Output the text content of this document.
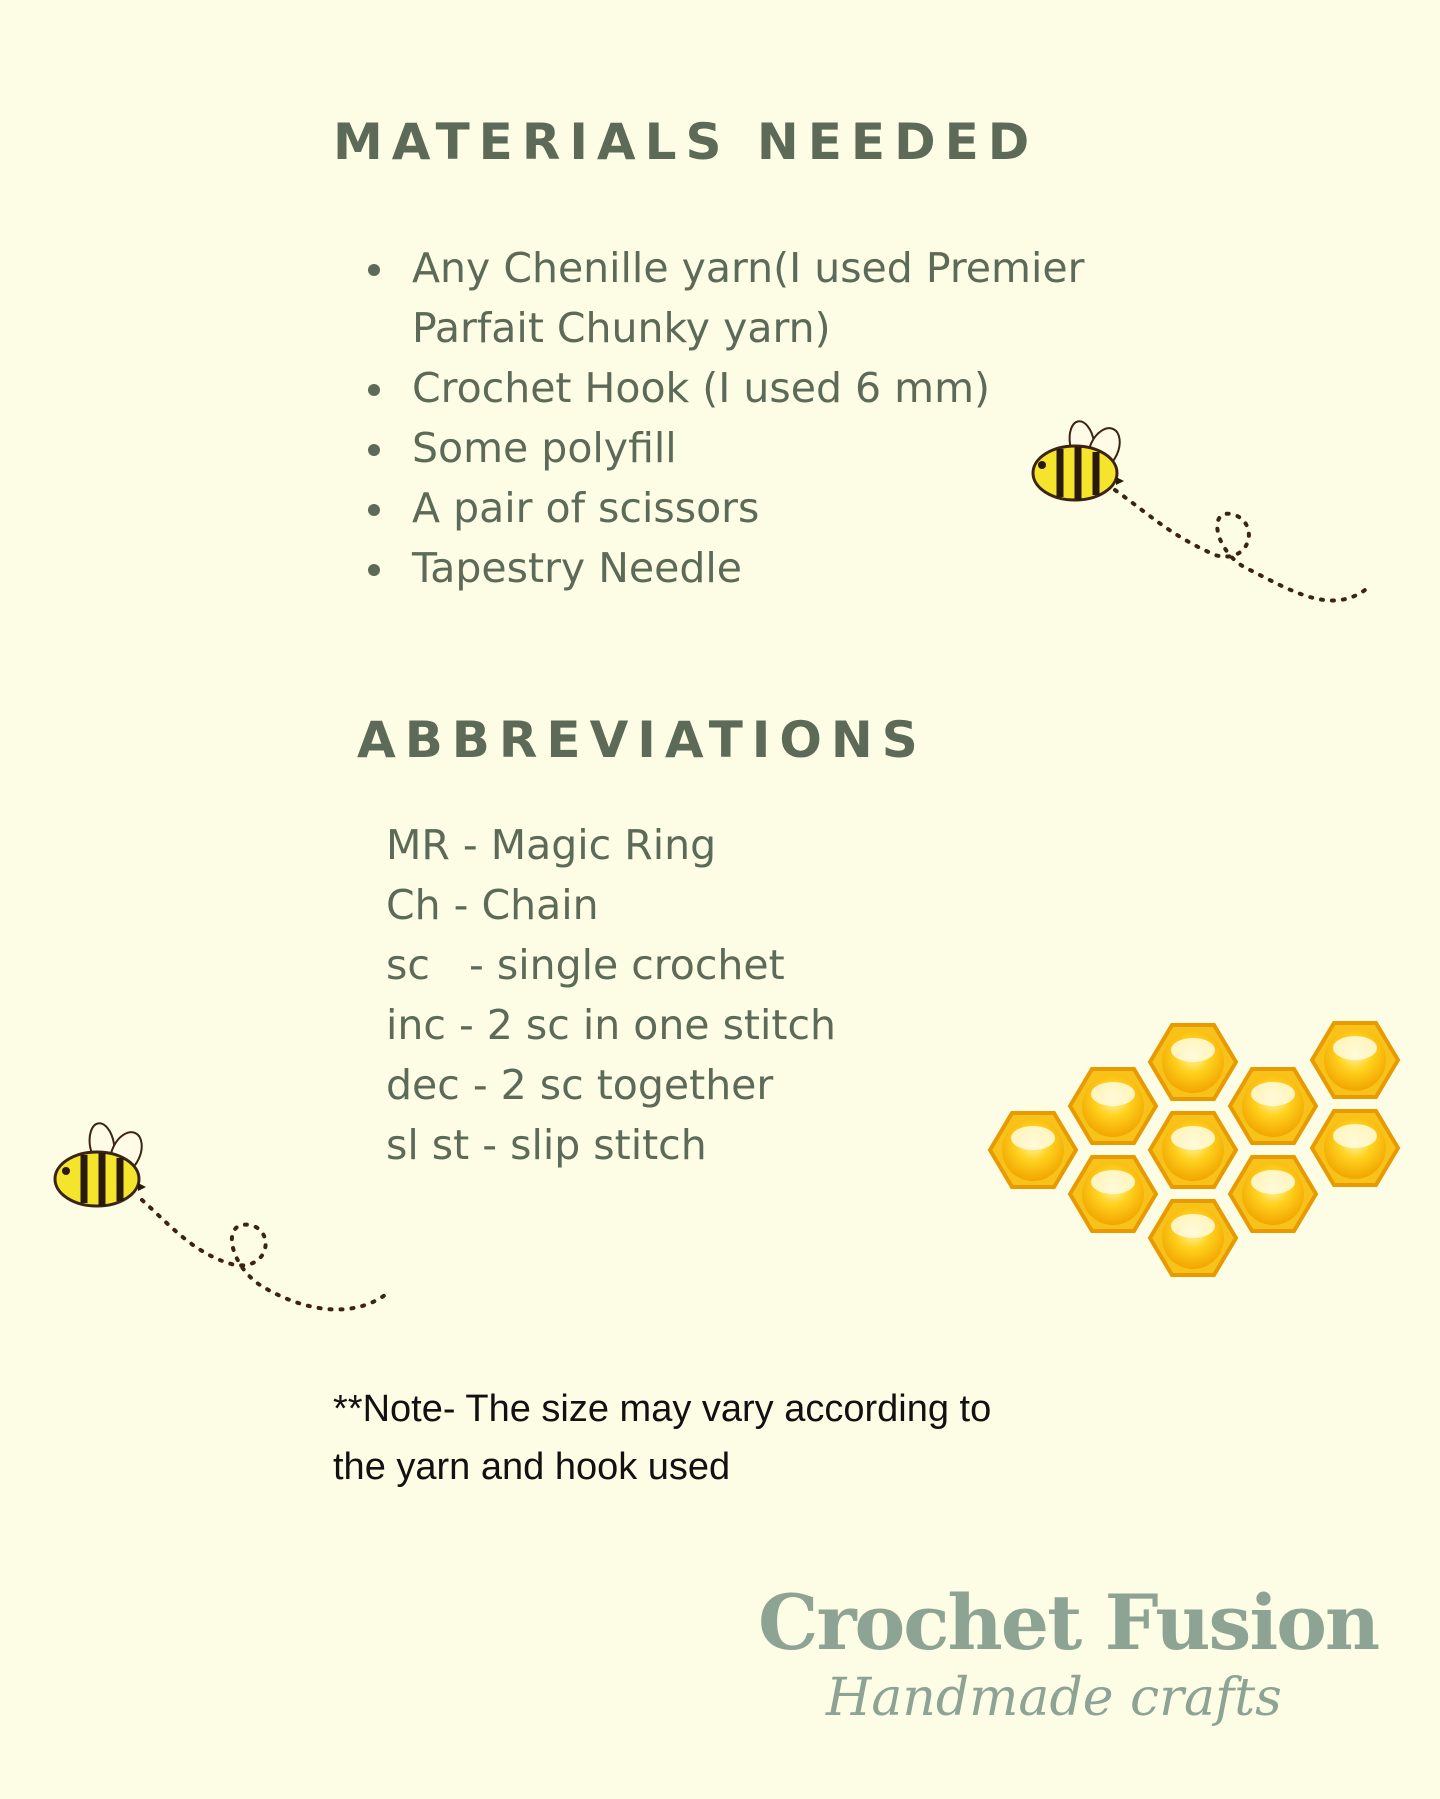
MATERIALS NEEDED
Any Chenille yarn(I used Premier Parfait Chunky yarn)
Crochet Hook (I used 6 mm)
Some polyfill
A pair of scissors
Tapestry Needle
ABBREVIATIONS
MR - Magic Ring
Ch - Chain
sc   - single crochet
inc - 2 sc in one stitch
dec - 2 sc together
sl st - slip stitch
**Note- The size may vary according to
the yarn and hook used
Crochet Fusion
Handmade crafts
